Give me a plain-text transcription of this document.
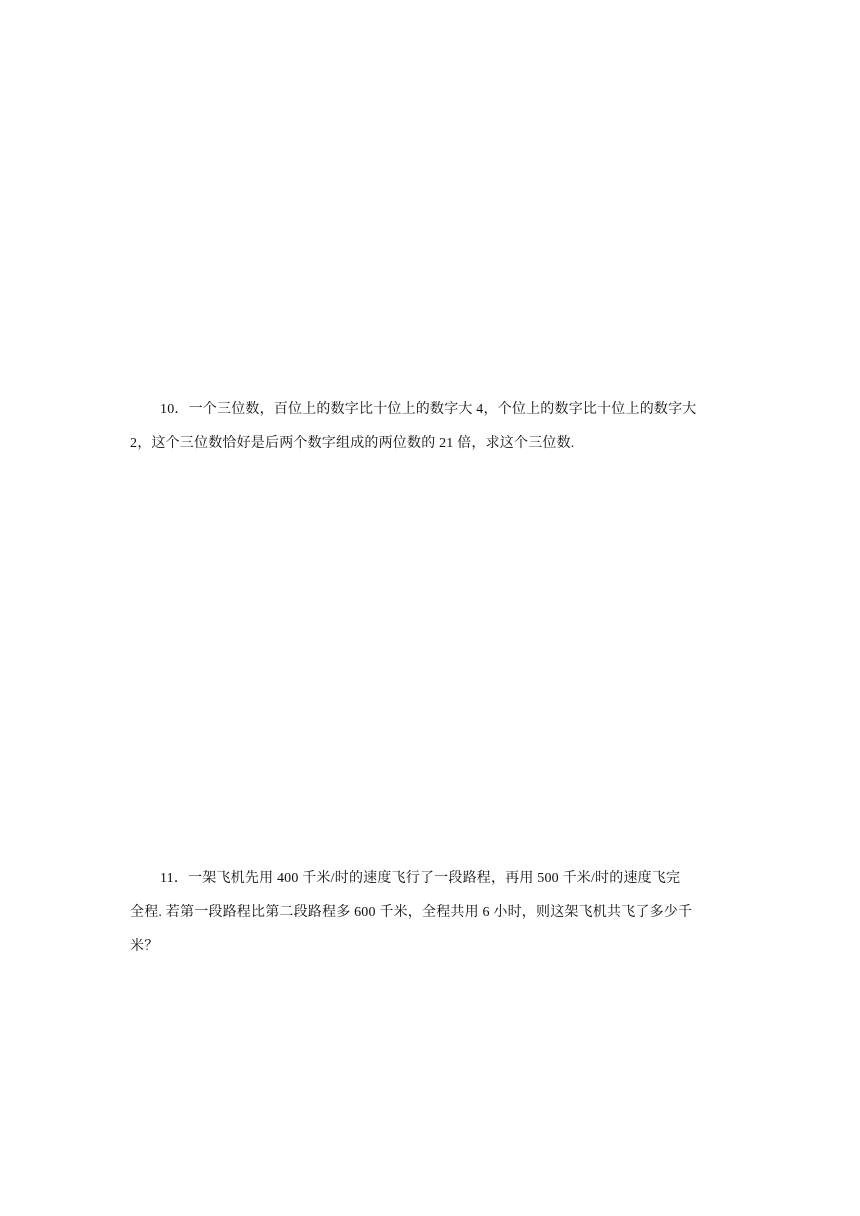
10．一个三位数，百位上的数字比十位上的数字大 4，个位上的数字比十位上的数字大
2，这个三位数恰好是后两个数字组成的两位数的 21 倍，求这个三位数.
11．一架飞机先用 400 千米/时的速度飞行了一段路程，再用 500 千米/时的速度飞完
全程. 若第一段路程比第二段路程多 600 千米，全程共用 6 小时，则这架飞机共飞了多少千
米？
